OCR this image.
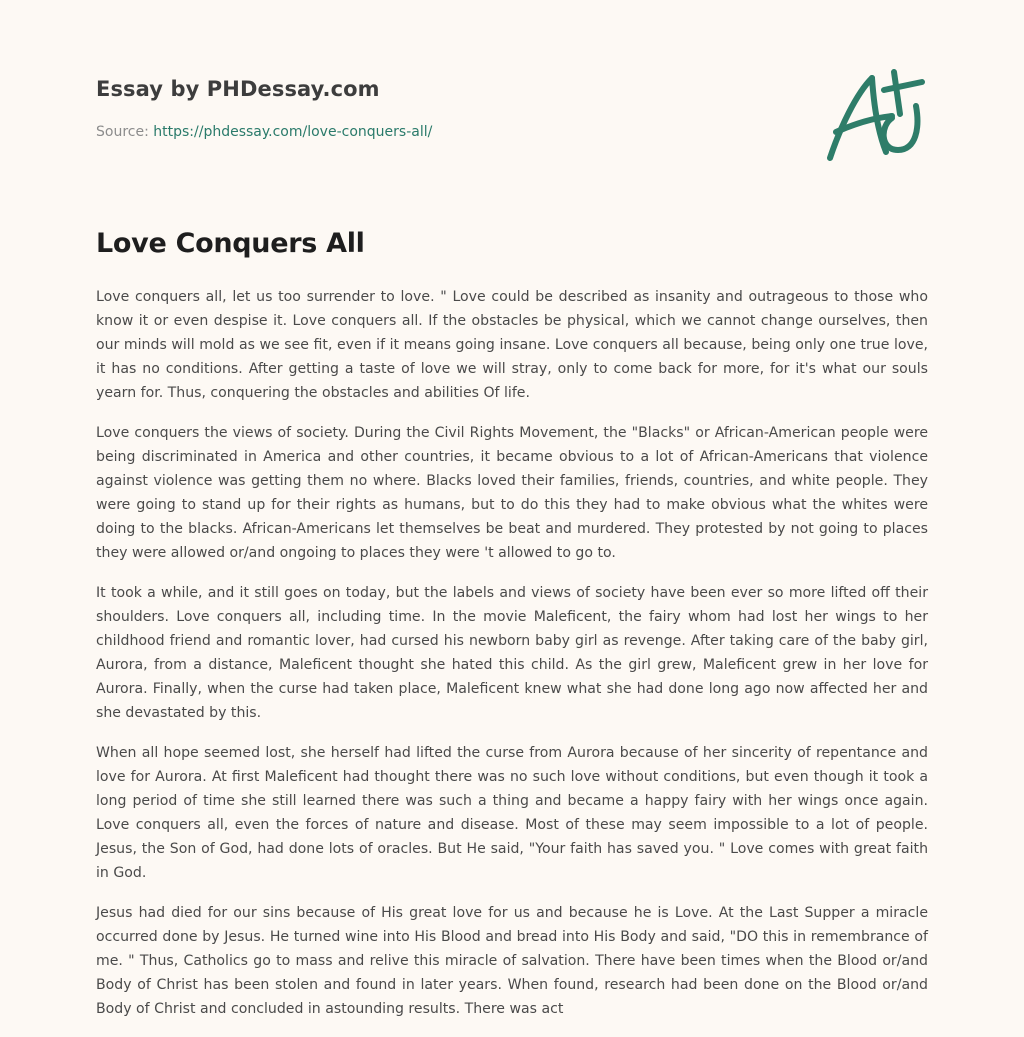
Essay by PHDessay.com
Source: https://phdessay.com/love-conquers-all/
Love Conquers All

Love conquers all, let us too surrender to love. " Love could be described as insanity and outrageous to those who know it or even despise it. Love conquers all. If the obstacles be physical, which we cannot change ourselves, then our minds will mold as we see fit, even if it means going insane. Love conquers all because, being only one true love, it has no conditions. After getting a taste of love we will stray, only to come back for more, for it's what our souls yearn for. Thus, conquering the obstacles and abilities Of life.

Love conquers the views of society. During the Civil Rights Movement, the "Blacks" or African-American people were being discriminated in America and other countries, it became obvious to a lot of African-Americans that violence against violence was getting them no where. Blacks loved their families, friends, countries, and white people. They were going to stand up for their rights as humans, but to do this they had to make obvious what the whites were doing to the blacks. African-Americans let themselves be beat and murdered. They protested by not going to places they were allowed or/and ongoing to places they were 't allowed to go to.

It took a while, and it still goes on today, but the labels and views of society have been ever so more lifted off their shoulders. Love conquers all, including time. In the movie Maleficent, the fairy whom had lost her wings to her childhood friend and romantic lover, had cursed his newborn baby girl as revenge. After taking care of the baby girl, Aurora, from a distance, Maleficent thought she hated this child. As the girl grew, Maleficent grew in her love for Aurora. Finally, when the curse had taken place, Maleficent knew what she had done long ago now affected her and she devastated by this.

When all hope seemed lost, she herself had lifted the curse from Aurora because of her sincerity of repentance and love for Aurora. At first Maleficent had thought there was no such love without conditions, but even though it took a long period of time she still learned there was such a thing and became a happy fairy with her wings once again. Love conquers all, even the forces of nature and disease. Most of these may seem impossible to a lot of people. Jesus, the Son of God, had done lots of oracles. But He said, "Your faith has saved you. " Love comes with great faith in God.

Jesus had died for our sins because of His great love for us and because he is Love. At the Last Supper a miracle occurred done by Jesus. He turned wine into His Blood and bread into His Body and said, "DO this in remembrance of me. " Thus, Catholics go to mass and relive this miracle of salvation. There have been times when the Blood or/and Body of Christ has been stolen and found in later years. When found, research had been done on the Blood or/and Body of Christ and concluded in astounding results. There was act
